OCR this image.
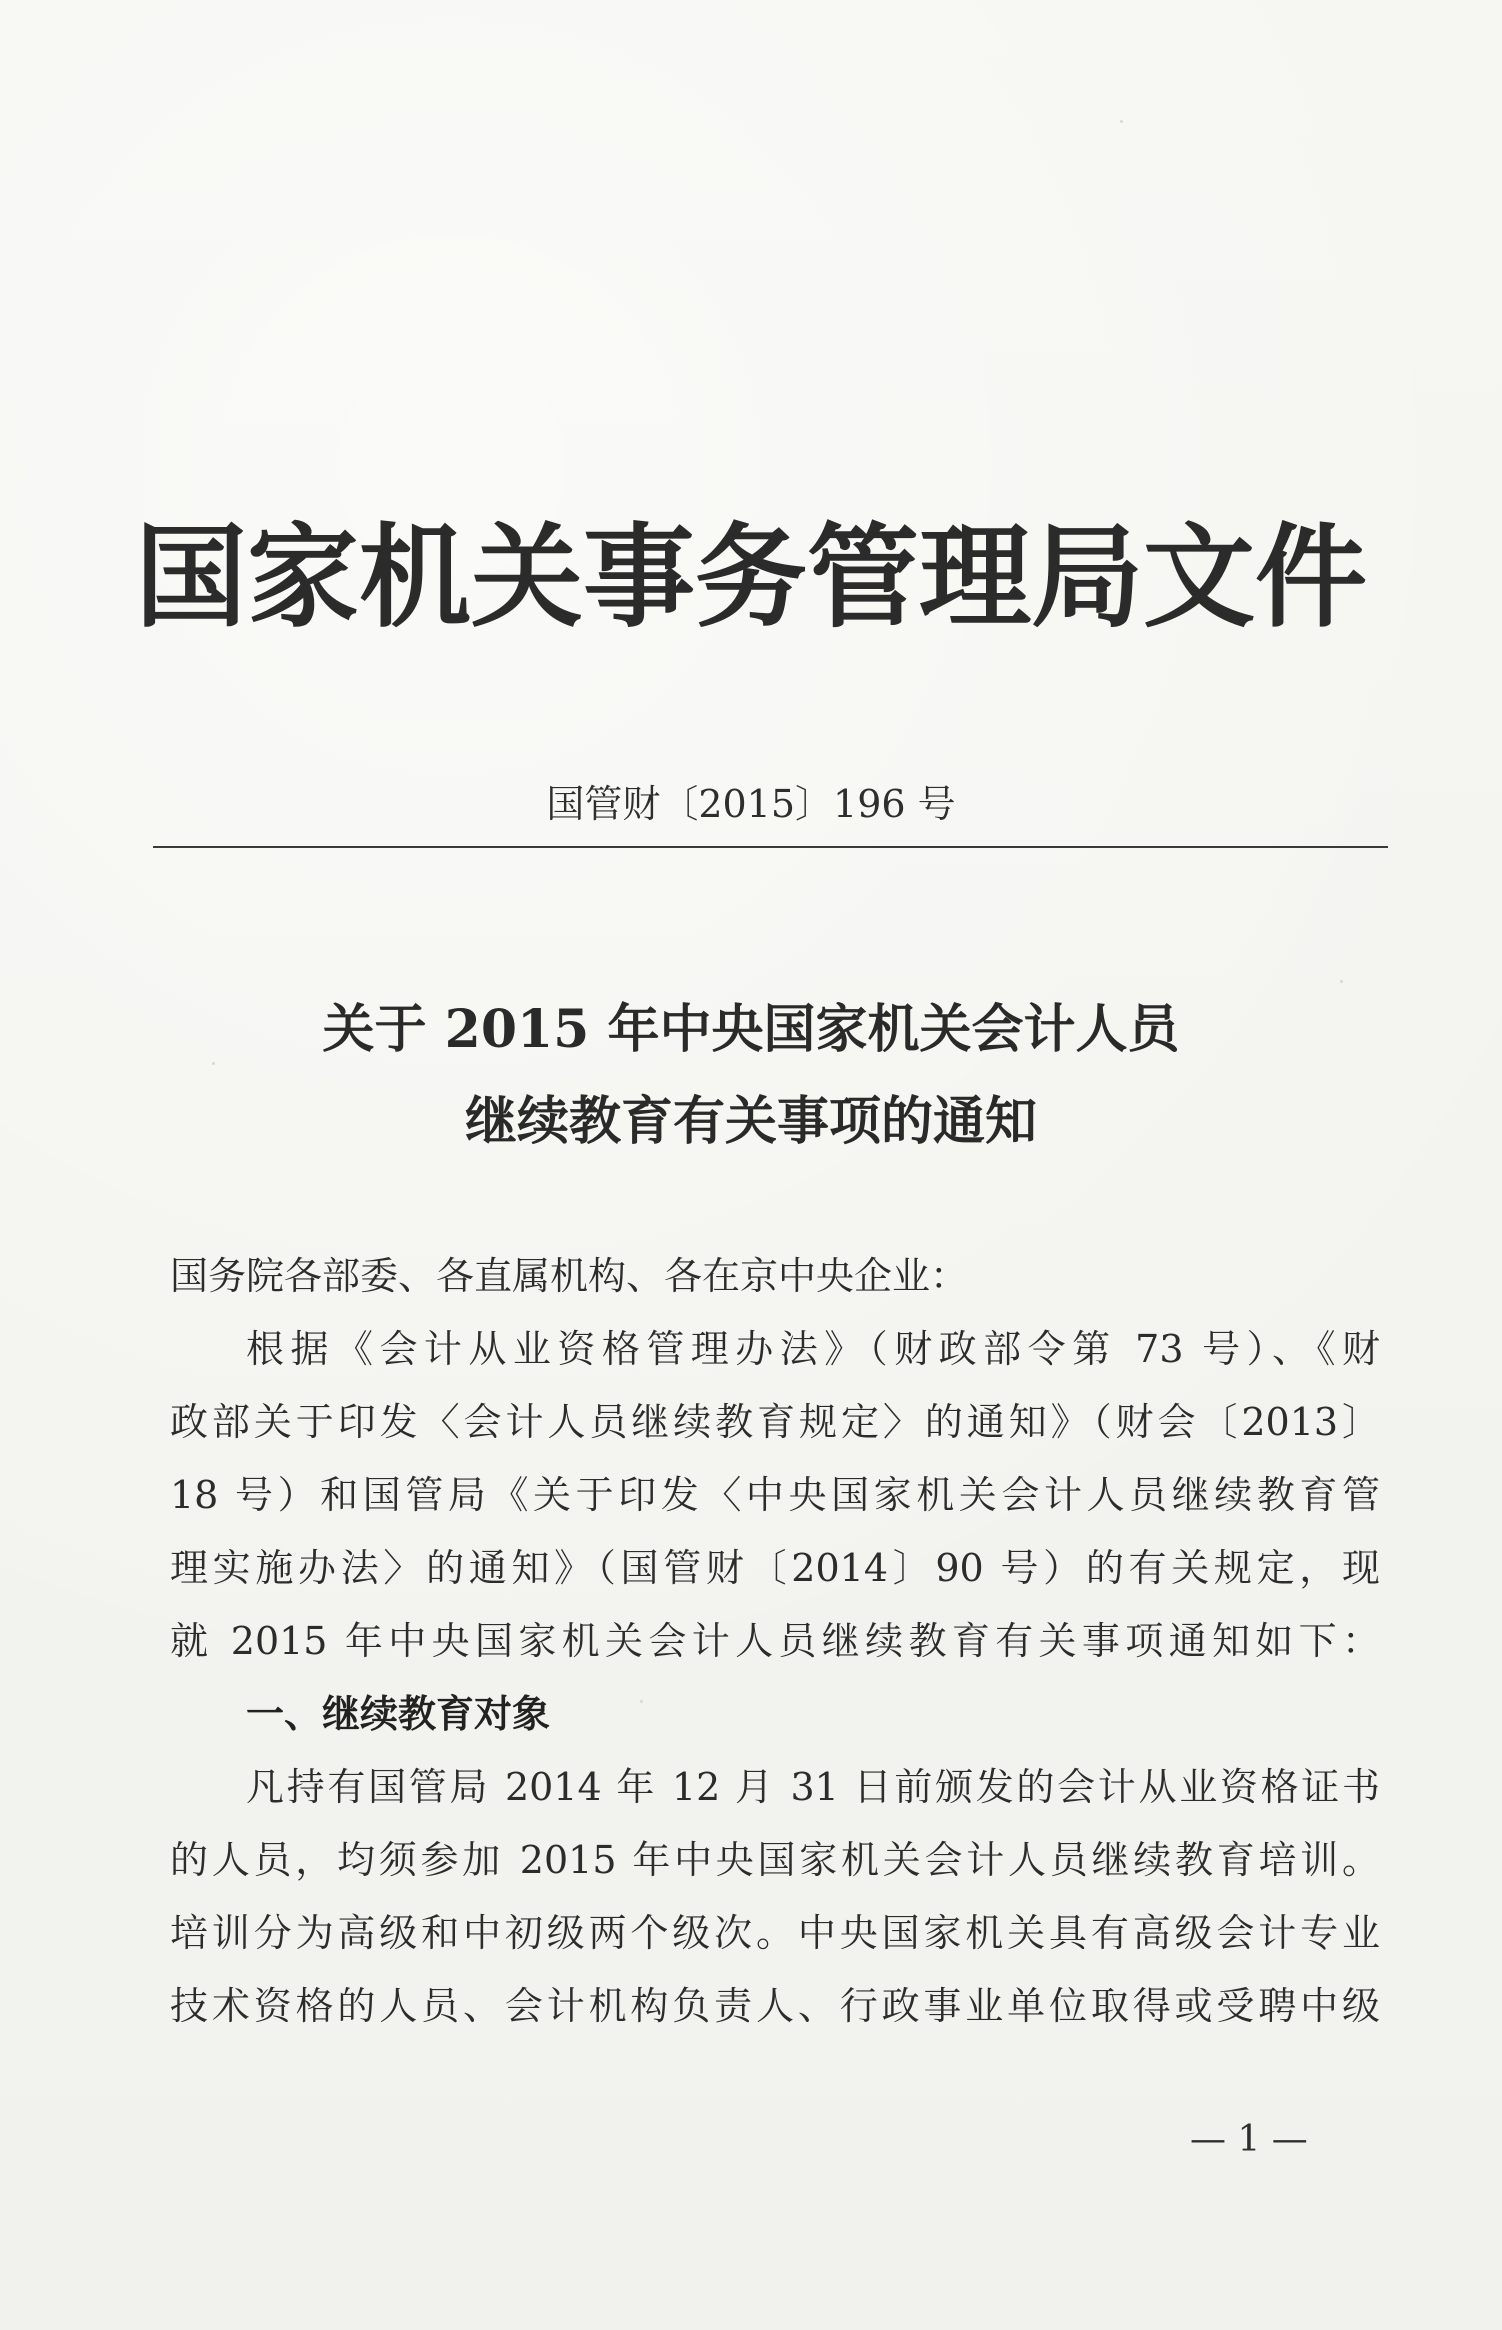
国家机关事务管理局文件
国管财〔2015〕196 号
关于 2015 年中央国家机关会计人员
继续教育有关事项的通知
国务院各部委、各直属机构、各在京中央企业：
根据《会计从业资格管理办法》（财政部令第 73 号）、《财
政部关于印发〈会计人员继续教育规定〉的通知》（财会〔2013〕
18 号）和国管局《关于印发〈中央国家机关会计人员继续教育管
理实施办法〉的通知》（国管财〔2014〕90 号）的有关规定，现
就 2015 年中央国家机关会计人员继续教育有关事项通知如下：
一、继续教育对象
凡持有国管局 2014 年 12 月 31 日前颁发的会计从业资格证书
的人员，均须参加 2015 年中央国家机关会计人员继续教育培训。
培训分为高级和中初级两个级次。中央国家机关具有高级会计专业
技术资格的人员、会计机构负责人、行政事业单位取得或受聘中级
— 1 —
